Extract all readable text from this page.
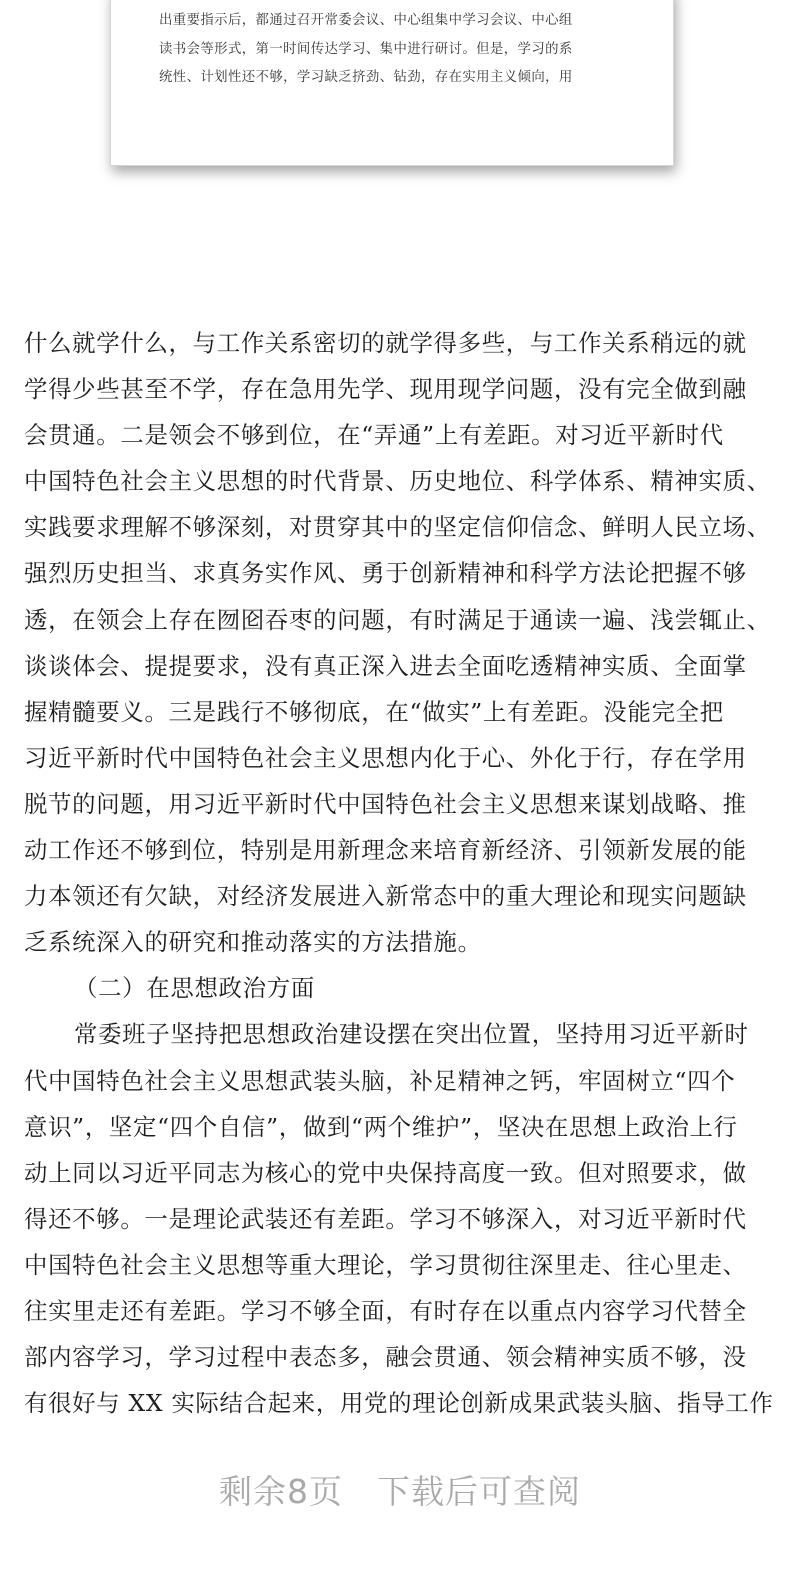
出重要指示后，都通过召开常委会议、中心组集中学习会议、中心组
读书会等形式，第一时间传达学习、集中进行研讨。但是，学习的系
统性、计划性还不够，学习缺乏挤劲、钻劲，存在实用主义倾向，用
什么就学什么，与工作关系密切的就学得多些，与工作关系稍远的就
学得少些甚至不学，存在急用先学、现用现学问题，没有完全做到融
会贯通。二是领会不够到位，在“弄通”上有差距。对习近平新时代
中国特色社会主义思想的时代背景、历史地位、科学体系、精神实质、
实践要求理解不够深刻，对贯穿其中的坚定信仰信念、鲜明人民立场、
强烈历史担当、求真务实作风、勇于创新精神和科学方法论把握不够
透，在领会上存在囫囵吞枣的问题，有时满足于通读一遍、浅尝辄止、
谈谈体会、提提要求，没有真正深入进去全面吃透精神实质、全面掌
握精髓要义。三是践行不够彻底，在“做实”上有差距。没能完全把
习近平新时代中国特色社会主义思想内化于心、外化于行，存在学用
脱节的问题，用习近平新时代中国特色社会主义思想来谋划战略、推
动工作还不够到位，特别是用新理念来培育新经济、引领新发展的能
力本领还有欠缺，对经济发展进入新常态中的重大理论和现实问题缺
乏系统深入的研究和推动落实的方法措施。
（二）在思想政治方面
常委班子坚持把思想政治建设摆在突出位置，坚持用习近平新时
代中国特色社会主义思想武装头脑，补足精神之钙，牢固树立“四个
意识”，坚定“四个自信”，做到“两个维护”，坚决在思想上政治上行
动上同以习近平同志为核心的党中央保持高度一致。但对照要求，做
得还不够。一是理论武装还有差距。学习不够深入，对习近平新时代
中国特色社会主义思想等重大理论，学习贯彻往深里走、往心里走、
往实里走还有差距。学习不够全面，有时存在以重点内容学习代替全
部内容学习，学习过程中表态多，融会贯通、领会精神实质不够，没
有很好与 XX 实际结合起来，用党的理论创新成果武装头脑、指导工作
剩余8页 下载后可查阅
